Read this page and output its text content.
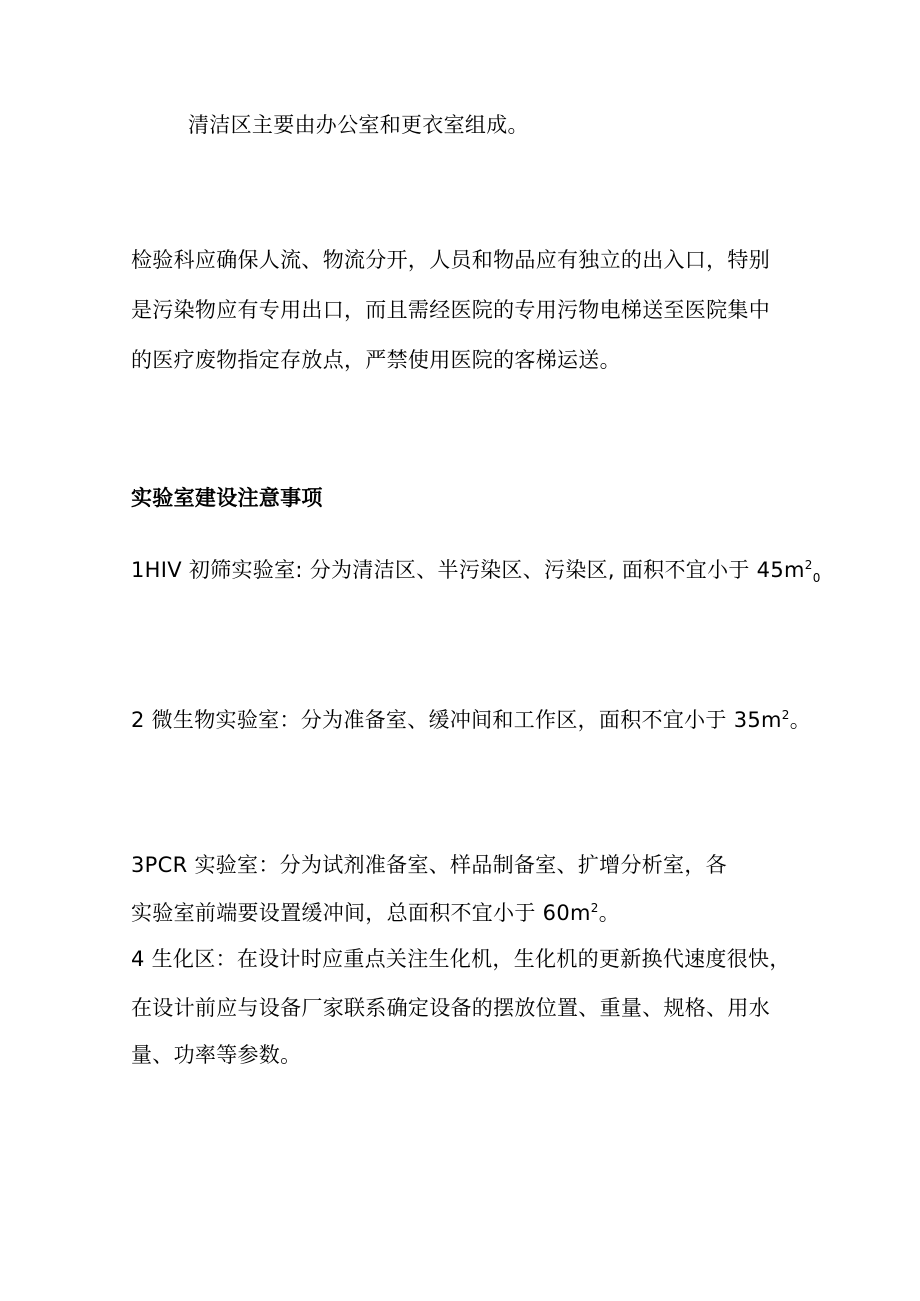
清洁区主要由办公室和更衣室组成。
检验科应确保人流、物流分开，人员和物品应有独立的出入口，特别
是污染物应有专用出口，而且需经医院的专用污物电梯送至医院集中
的医疗废物指定存放点，严禁使用医院的客梯运送。
实验室建设注意事项
1HIV 初筛实验室: 分为清洁区、半污染区、污染区, 面积不宜小于 $45m^2_0$
2 微生物实验室：分为准备室、缓冲间和工作区，面积不宜小于 $35m^2$。
3PCR 实验室：分为试剂准备室、样品制备室、扩增分析室，各
实验室前端要设置缓冲间，总面积不宜小于 $60m^2$。
4 生化区：在设计时应重点关注生化机，生化机的更新换代速度很快，
在设计前应与设备厂家联系确定设备的摆放位置、重量、规格、用水
量、功率等参数。
